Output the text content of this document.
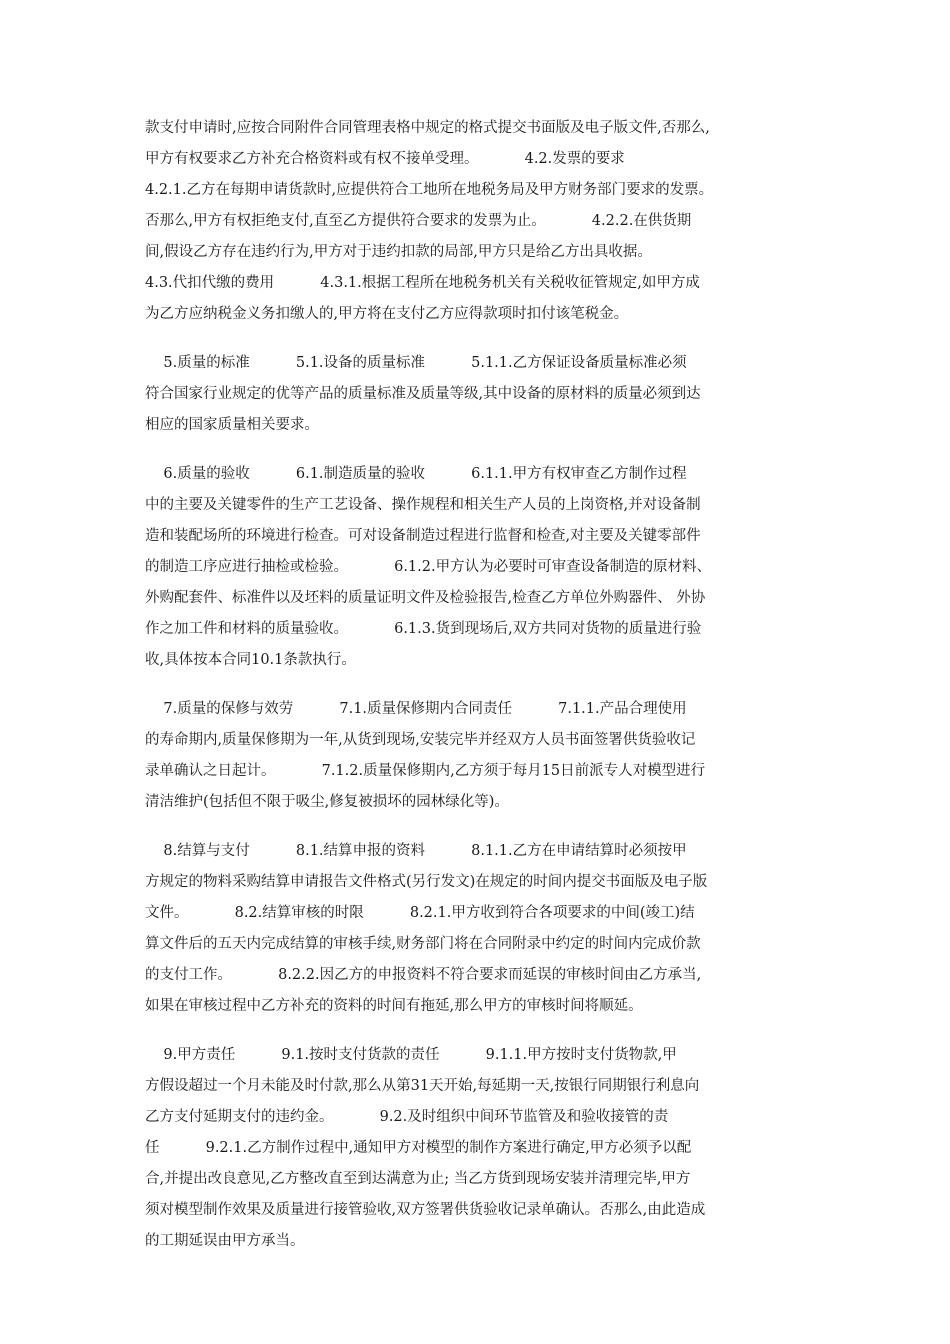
款支付申请时,应按合同附件合同管理表格中规定的格式提交书面版及电子版文件,否那么,
甲方有权要求乙方补充合格资料或有权不接单受理。          4.2.发票的要求
4.2.1.乙方在每期申请货款时,应提供符合工地所在地税务局及甲方财务部门要求的发票。
否那么,甲方有权拒绝支付,直至乙方提供符合要求的发票为止。          4.2.2.在供货期
间,假设乙方存在违约行为,甲方对于违约扣款的局部,甲方只是给乙方出具收据。
4.3.代扣代缴的费用          4.3.1.根据工程所在地税务机关有关税收征管规定,如甲方成
为乙方应纳税金义务扣缴人的,甲方将在支付乙方应得款项时扣付该笔税金。
5.质量的标准          5.1.设备的质量标准          5.1.1.乙方保证设备质量标准必须
符合国家行业规定的优等产品的质量标准及质量等级,其中设备的原材料的质量必须到达
相应的国家质量相关要求。
6.质量的验收          6.1.制造质量的验收          6.1.1.甲方有权审查乙方制作过程
中的主要及关键零件的生产工艺设备、操作规程和相关生产人员的上岗资格,并对设备制
造和装配场所的环境进行检查。可对设备制造过程进行监督和检查,对主要及关键零部件
的制造工序应进行抽检或检验。          6.1.2.甲方认为必要时可审查设备制造的原材料、
外购配套件、标准件以及坯料的质量证明文件及检验报告,检查乙方单位外购器件、 外协
作之加工件和材料的质量验收。          6.1.3.货到现场后,双方共同对货物的质量进行验
收,具体按本合同10.1条款执行。
7.质量的保修与效劳          7.1.质量保修期内合同责任          7.1.1.产品合理使用
的寿命期内,质量保修期为一年,从货到现场,安装完毕并经双方人员书面签署供货验收记
录单确认之日起计。          7.1.2.质量保修期内,乙方须于每月15日前派专人对模型进行
清洁维护(包括但不限于吸尘,修复被损坏的园林绿化等)。
8.结算与支付          8.1.结算申报的资料          8.1.1.乙方在申请结算时必须按甲
方规定的物料采购结算申请报告文件格式(另行发文)在规定的时间内提交书面版及电子版
文件。          8.2.结算审核的时限          8.2.1.甲方收到符合各项要求的中间(竣工)结
算文件后的五天内完成结算的审核手续,财务部门将在合同附录中约定的时间内完成价款
的支付工作。          8.2.2.因乙方的申报资料不符合要求而延误的审核时间由乙方承当,
如果在审核过程中乙方补充的资料的时间有拖延,那么甲方的审核时间将顺延。
9.甲方责任          9.1.按时支付货款的责任          9.1.1.甲方按时支付货物款,甲
方假设超过一个月未能及时付款,那么从第31天开始,每延期一天,按银行同期银行利息向
乙方支付延期支付的违约金。          9.2.及时组织中间环节监管及和验收接管的责
任          9.2.1.乙方制作过程中,通知甲方对模型的制作方案进行确定,甲方必须予以配
合,并提出改良意见,乙方整改直至到达满意为止; 当乙方货到现场安装并清理完毕,甲方
须对模型制作效果及质量进行接管验收,双方签署供货验收记录单确认。否那么,由此造成
的工期延误由甲方承当。
